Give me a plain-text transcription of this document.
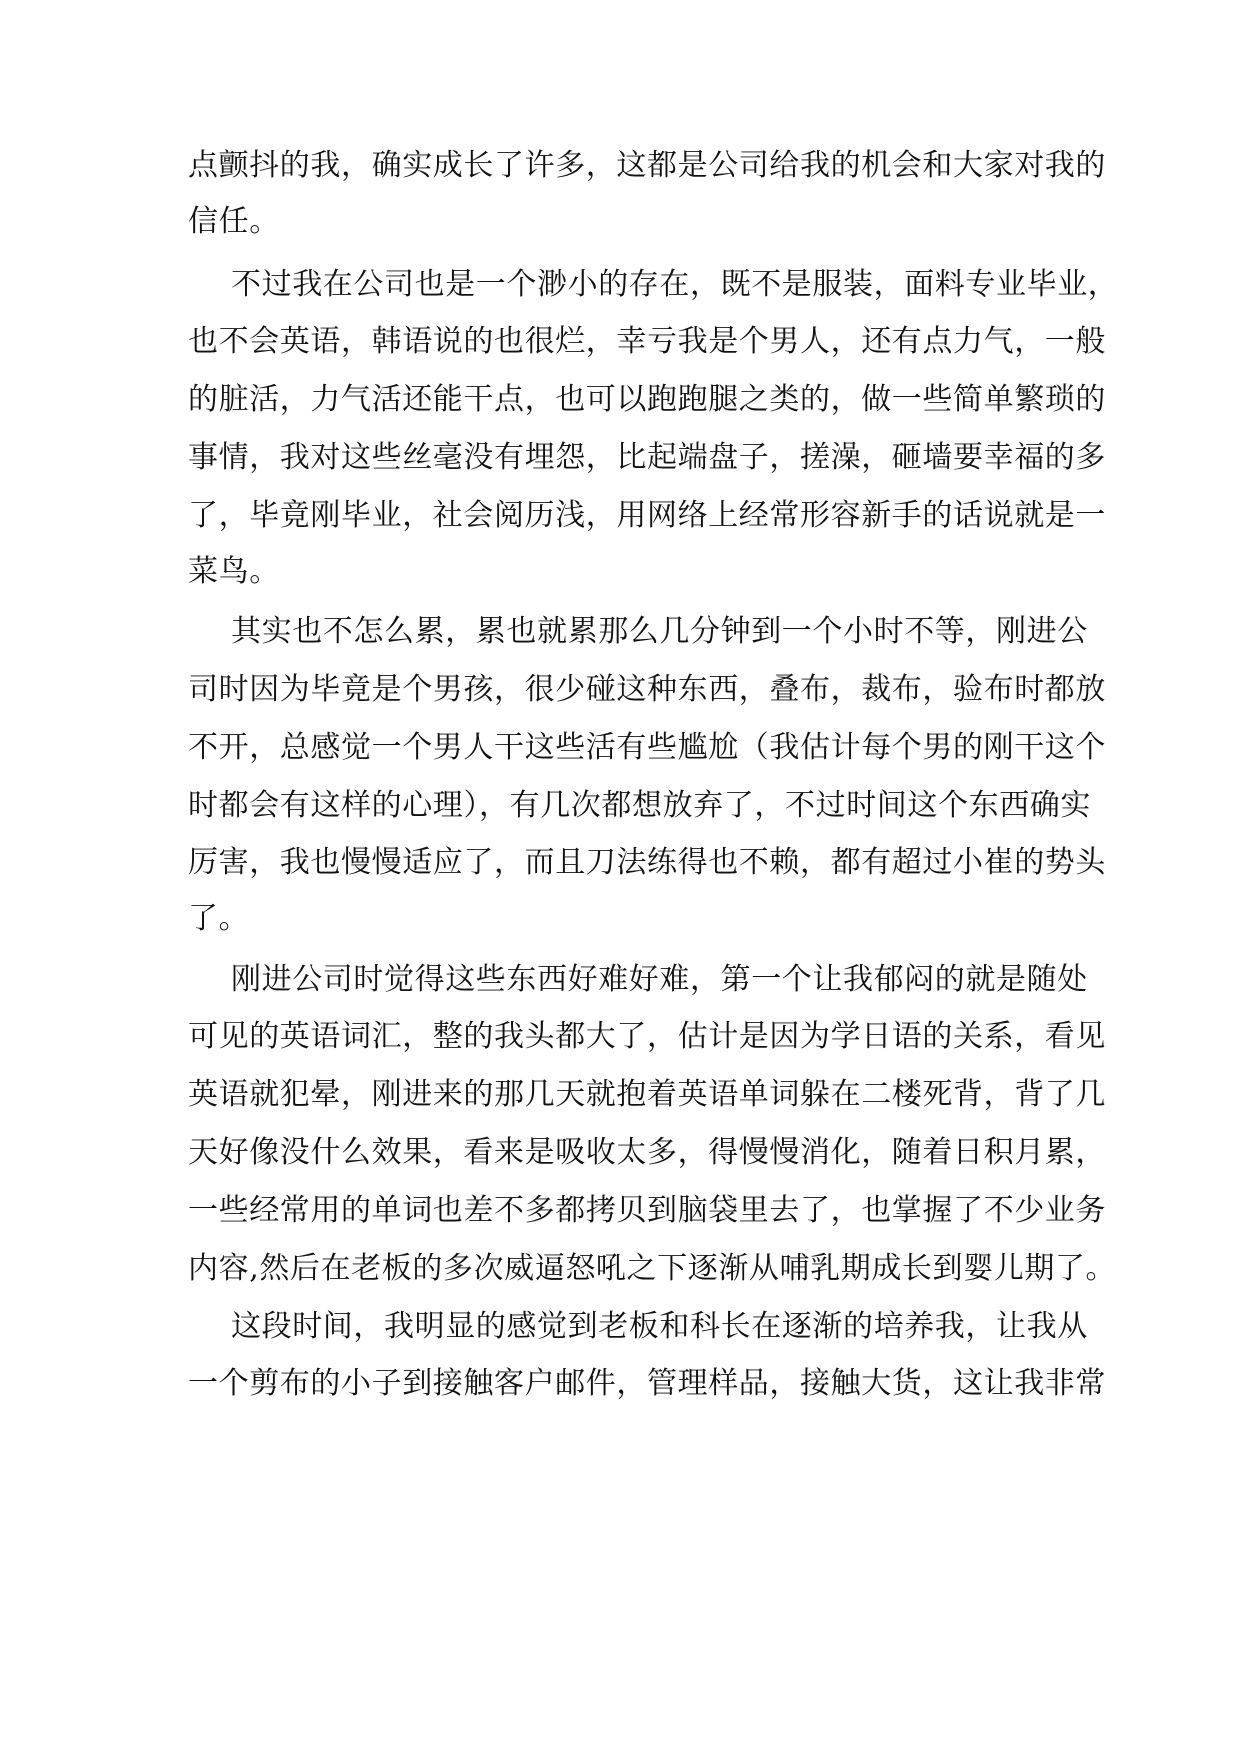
点颤抖的我，确实成长了许多，这都是公司给我的机会和大家对我的
信任。
不过我在公司也是一个渺小的存在，既不是服装，面料专业毕业，
也不会英语，韩语说的也很烂，幸亏我是个男人，还有点力气，一般
的脏活，力气活还能干点，也可以跑跑腿之类的，做一些简单繁琐的
事情，我对这些丝毫没有埋怨，比起端盘子，搓澡，砸墙要幸福的多
了，毕竟刚毕业，社会阅历浅，用网络上经常形容新手的话说就是一
菜鸟。
其实也不怎么累，累也就累那么几分钟到一个小时不等，刚进公
司时因为毕竟是个男孩，很少碰这种东西，叠布，裁布，验布时都放
不开，总感觉一个男人干这些活有些尴尬（我估计每个男的刚干这个
时都会有这样的心理），有几次都想放弃了，不过时间这个东西确实
厉害，我也慢慢适应了，而且刀法练得也不赖，都有超过小崔的势头
了。
刚进公司时觉得这些东西好难好难，第一个让我郁闷的就是随处
可见的英语词汇，整的我头都大了，估计是因为学日语的关系，看见
英语就犯晕，刚进来的那几天就抱着英语单词躲在二楼死背，背了几
天好像没什么效果，看来是吸收太多，得慢慢消化，随着日积月累，
一些经常用的单词也差不多都拷贝到脑袋里去了，也掌握了不少业务
内容,然后在老板的多次威逼怒吼之下逐渐从哺乳期成长到婴儿期了。
这段时间，我明显的感觉到老板和科长在逐渐的培养我，让我从
一个剪布的小子到接触客户邮件，管理样品，接触大货，这让我非常
